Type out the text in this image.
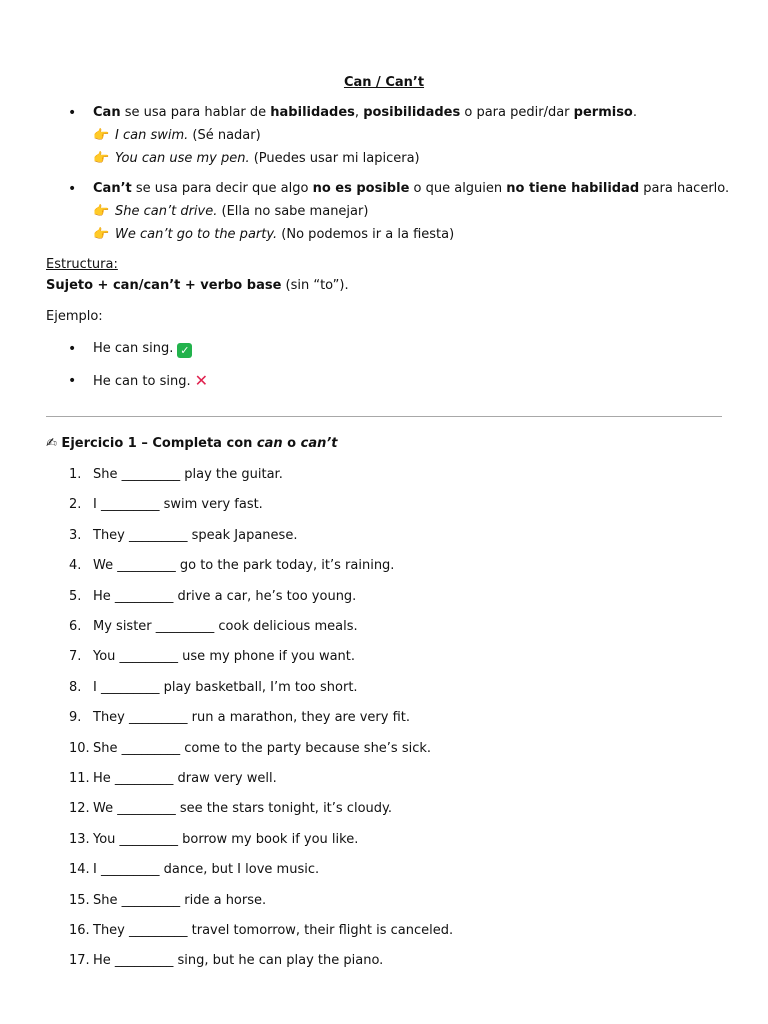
Can / Can’t
• Can se usa para hablar de habilidades, posibilidades o para pedir/dar permiso.
👉 I can swim. (Sé nadar)
👉 You can use my pen. (Puedes usar mi lapicera)
• Can’t se usa para decir que algo no es posible o que alguien no tiene habilidad para hacerlo.
👉 She can’t drive. (Ella no sabe manejar)
👉 We can’t go to the party. (No podemos ir a la fiesta)
Estructura:
Sujeto + can/can’t + verbo base (sin “to”).
Ejemplo:
• He can sing. ✓
• He can to sing. ✕
✍ Ejercicio 1 – Completa con can o can’t
1. She _________ play the guitar.
2. I _________ swim very fast.
3. They _________ speak Japanese.
4. We _________ go to the park today, it’s raining.
5. He _________ drive a car, he’s too young.
6. My sister _________ cook delicious meals.
7. You _________ use my phone if you want.
8. I _________ play basketball, I’m too short.
9. They _________ run a marathon, they are very fit.
10. She _________ come to the party because she’s sick.
11. He _________ draw very well.
12. We _________ see the stars tonight, it’s cloudy.
13. You _________ borrow my book if you like.
14. I _________ dance, but I love music.
15. She _________ ride a horse.
16. They _________ travel tomorrow, their flight is canceled.
17. He _________ sing, but he can play the piano.
